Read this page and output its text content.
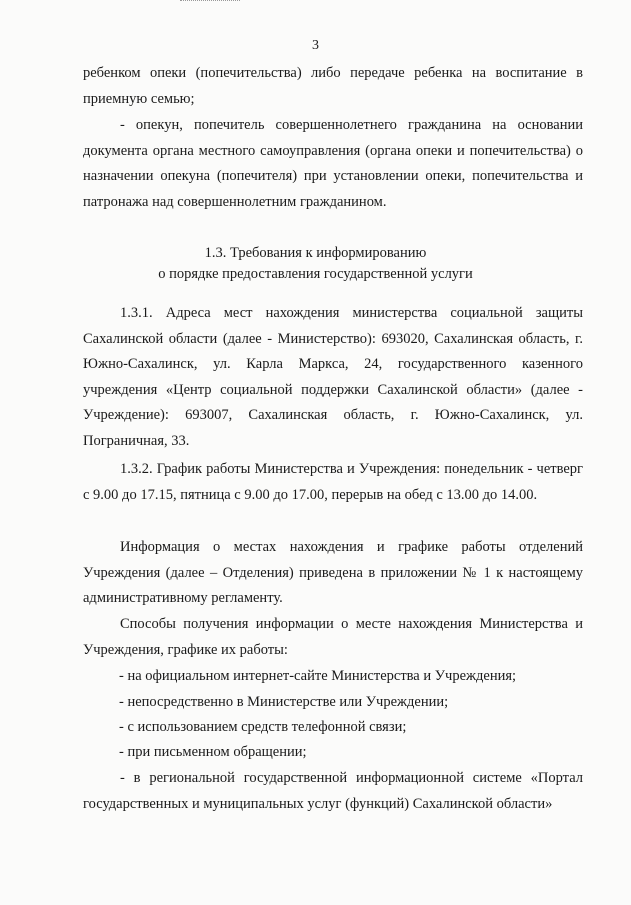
3

ребенком опеки (попечительства) либо передаче ребенка на воспитание в приемную семью;

- опекун, попечитель совершеннолетнего гражданина на основании документа органа местного самоуправления (органа опеки и попечительства) о назначении опекуна (попечителя) при установлении опеки, попечительства и патронажа над совершеннолетним гражданином.

1.3. Требования к информированию
о порядке предоставления государственной услуги

1.3.1. Адреса мест нахождения министерства социальной защиты Сахалинской области (далее - Министерство): 693020, Сахалинская область, г. Южно-Сахалинск, ул. Карла Маркса, 24, государственного казенного учреждения «Центр социальной поддержки Сахалинской области» (далее - Учреждение): 693007, Сахалинская область, г. Южно-Сахалинск, ул. Пограничная, 33.

1.3.2. График работы Министерства и Учреждения: понедельник - четверг с 9.00 до 17.15, пятница с 9.00 до 17.00, перерыв на обед с 13.00 до 14.00.

Информация о местах нахождения и графике работы отделений Учреждения (далее – Отделения) приведена в приложении № 1 к настоящему административному регламенту.

Способы получения информации о месте нахождения Министерства и Учреждения, графике их работы:

- на официальном интернет-сайте Министерства и Учреждения;

- непосредственно в Министерстве или Учреждении;

- с использованием средств телефонной связи;

- при письменном обращении;

- в региональной государственной информационной системе «Портал государственных и муниципальных услуг (функций) Сахалинской области»
